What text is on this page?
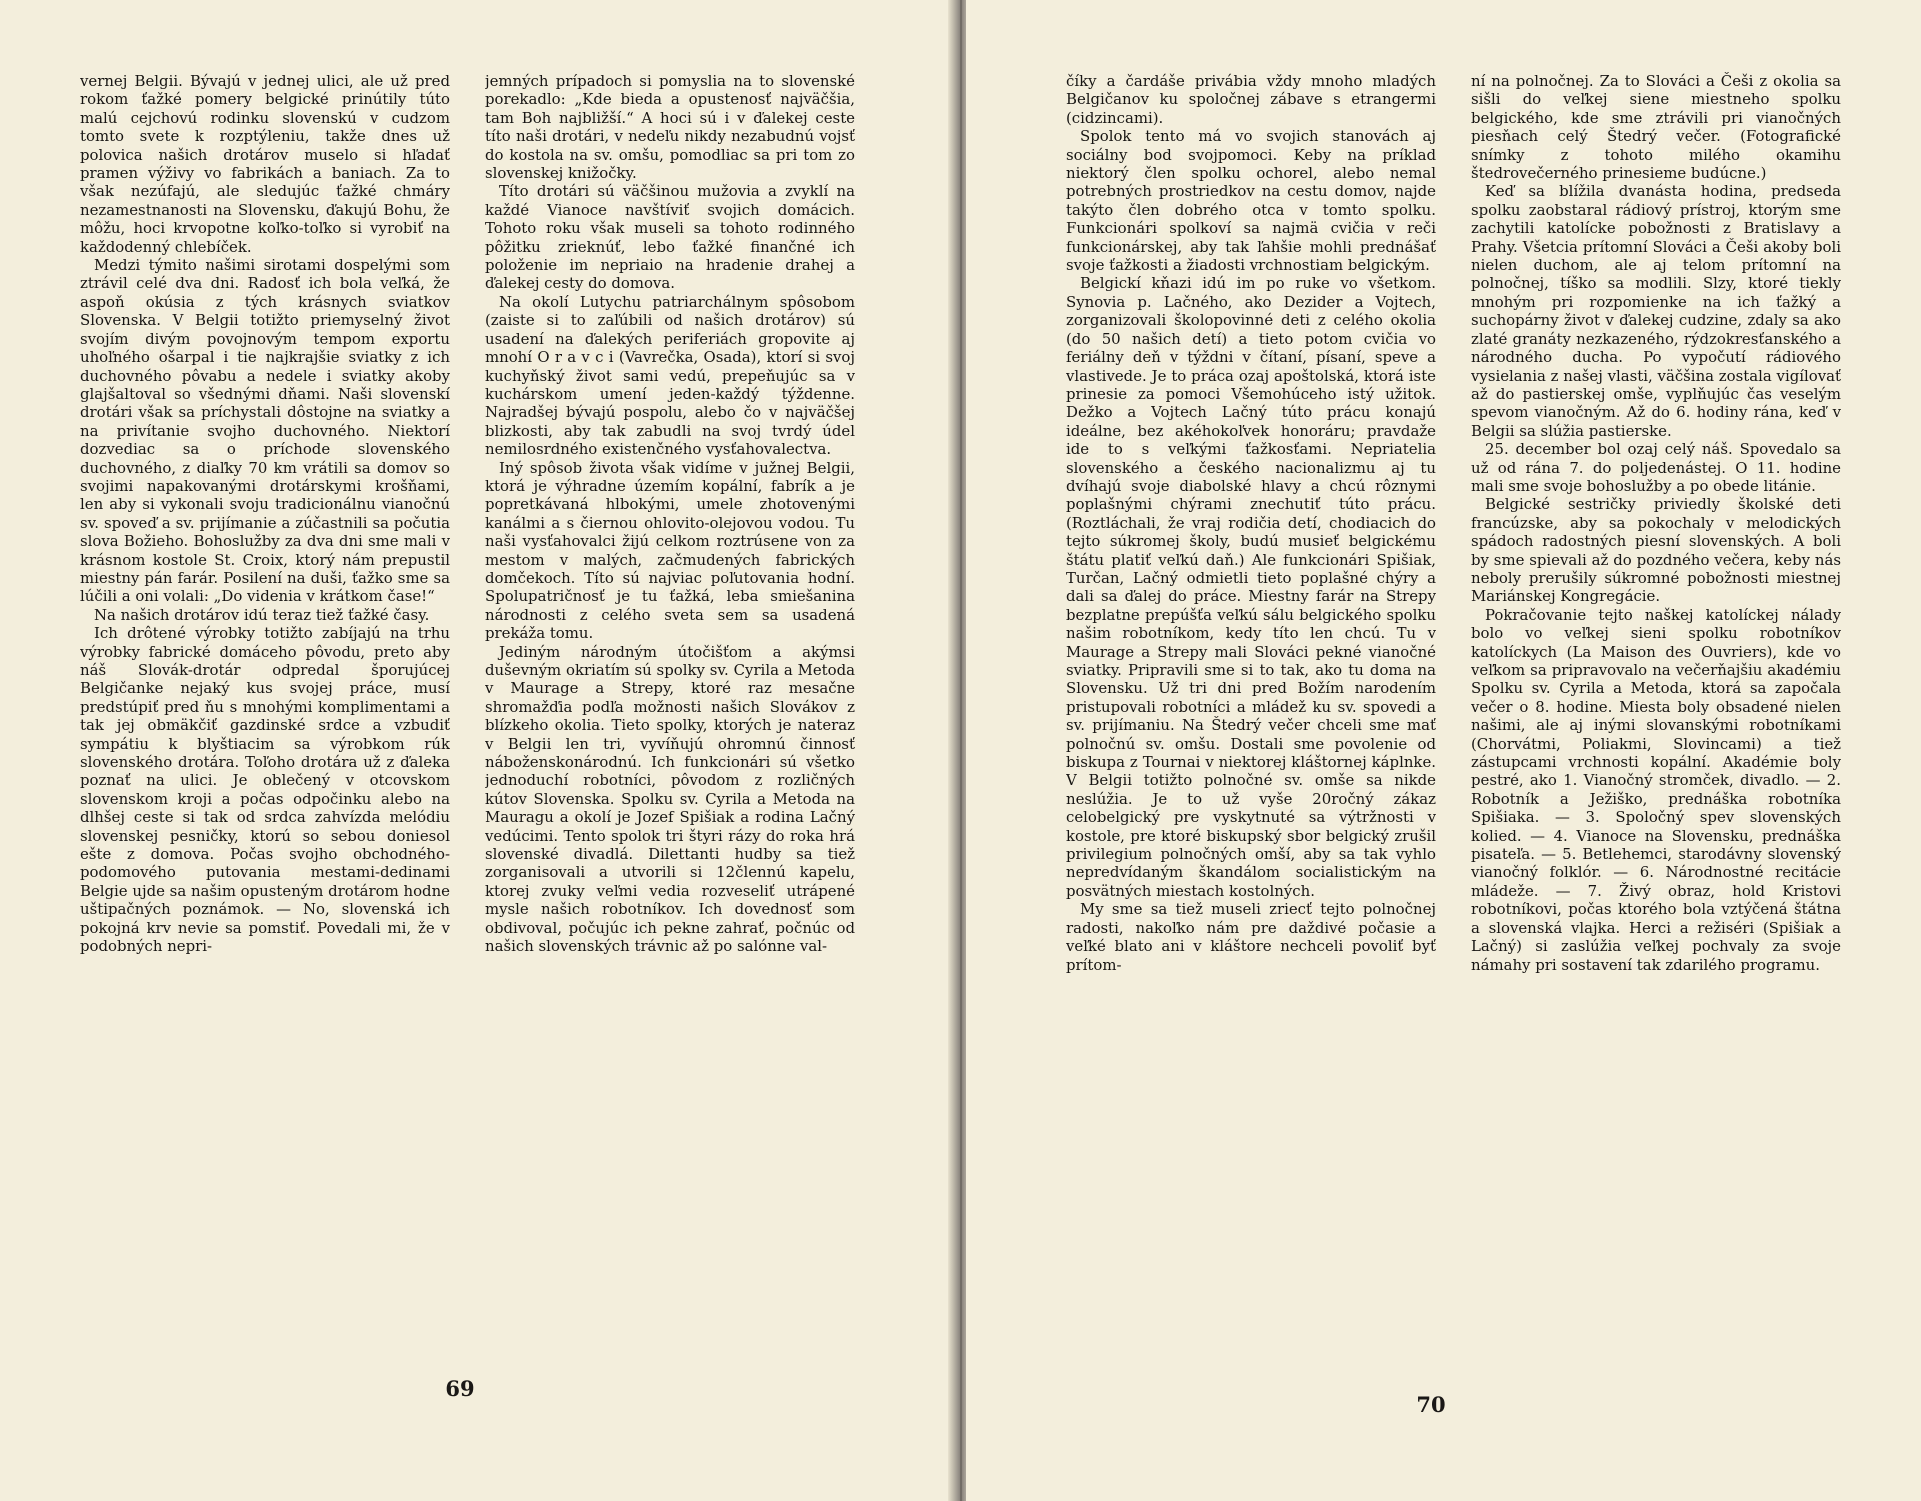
vernej Belgii. Bývajú v jednej ulici, ale už pred rokom ťažké pomery belgické prinútily túto malú cejchovú rodinku slovenskú v cudzom tomto svete k rozptýleniu, takže dnes už polovica našich drotárov muselo si hľadať pramen výživy vo fabrikách a baniach. Za to však nezúfajú, ale sledujúc ťažké chmáry nezamestnanosti na Slovensku, ďakujú Bohu, že môžu, hoci krvopotne koľko-toľko si vyrobiť na každodenný chlebíček.

Medzi týmito našimi sirotami dospelými som ztrávil celé dva dni. Radosť ich bola veľká, že aspoň okúsia z tých krásnych sviatkov Slovenska. V Belgii totižto priemyselný život svojím divým povojnovým tempom exportu uhoľného ošarpal i tie najkrajšie sviatky z ich duchovného pôvabu a nedele i sviatky akoby glajšaltoval so všednými dňami. Naši slovenskí drotári však sa príchystali dôstojne na sviatky a na privítanie svojho duchovného. Niektorí dozvediac sa o príchode slovenského duchovného, z diaľky 70 km vrátili sa domov so svojimi napakovanými drotárskymi krošňami, len aby si vykonali svoju tradicionálnu vianočnú sv. spoveď a sv. prijímanie a zúčastnili sa počutia slova Božieho. Bohoslužby za dva dni sme mali v krásnom kostole St. Croix, ktorý nám prepustil miestny pán farár. Posilení na duši, ťažko sme sa lúčili a oni volali: „Do videnia v krátkom čase!“

Na našich drotárov idú teraz tiež ťažké časy.

Ich drôtené výrobky totižto zabíjajú na trhu výrobky fabrické domáceho pôvodu, preto aby náš Slovák-drotár odpredal šporujúcej Belgičanke nejaký kus svojej práce, musí predstúpiť pred ňu s mnohými komplimentami a tak jej obmäkčiť gazdinské srdce a vzbudiť sympátiu k blyštiacim sa výrobkom rúk slovenského drotára. Toľoho drotára už z ďaleka poznať na ulici. Je oblečený v otcovskom slovenskom kroji a počas odpočinku alebo na dlhšej ceste si tak od srdca zahvízda melódiu slovenskej pesničky, ktorú so sebou doniesol ešte z domova. Počas svojho obchodného-podomového putovania mestami-dedinami Belgie ujde sa našim opusteným drotárom hodne uštipačných poznámok. — No, slovenská ich pokojná krv nevie sa pomstiť. Povedali mi, že v podobných nepri-

jemných prípadoch si pomyslia na to slovenské porekadlo: „Kde bieda a opustenosť najväčšia, tam Boh najbližší.“ A hoci sú i v ďalekej ceste títo naši drotári, v nedeľu nikdy nezabudnú vojsť do kostola na sv. omšu, pomodliac sa pri tom zo slovenskej knižočky.

Títo drotári sú väčšinou mužovia a zvyklí na každé Vianoce navštíviť svojich domácich. Tohoto roku však museli sa tohoto rodinného pôžitku zrieknúť, lebo ťažké finančné ich položenie im nepriaio na hradenie drahej a ďalekej cesty do domova.

Na okolí Lutychu patriarchálnym spôsobom (zaiste si to zaľúbili od našich drotárov) sú usadení na ďalekých periferiách gropovite aj mnohí O r a v c i (Vavrečka, Osada), ktorí si svoj kuchyňský život sami vedú, prepeňujúc sa v kuchárskom umení jeden-každý týždenne. Najradšej bývajú pospolu, alebo čo v najväčšej blizkosti, aby tak zabudli na svoj tvrdý údel nemilosrdného existenčného vysťahovalectva.

Iný spôsob života však vidíme v južnej Belgii, ktorá je výhradne územím kopální, fabrík a je popretkávaná hlbokými, umele zhotovenými kanálmi a s čiernou ohlovito-olejovou vodou. Tu naši vysťahovalci žijú celkom roztrúsene von za mestom v malých, začmudených fabrických domčekoch. Títo sú najviac poľutovania hodní. Spolupatričnosť je tu ťažká, leba smiešanina národnosti z celého sveta sem sa usadená prekáža tomu.

Jediným národným útočišťom a akýmsi duševným okriatím sú spolky sv. Cyrila a Metoda v Maurage a Strepy, ktoré raz mesačne shromažďia podľa možnosti našich Slovákov z blízkeho okolia. Tieto spolky, ktorých je nateraz v Belgii len tri, vyvíňujú ohromnú činnosť náboženskonárodnú. Ich funkcionári sú všetko jednoduchí robotníci, pôvodom z rozličných kútov Slovenska. Spolku sv. Cyrila a Metoda na Mauragu a okolí je Jozef Spišiak a rodina Lačný vedúcimi. Tento spolok tri štyri rázy do roka hrá slovenské divadlá. Dilettanti hudby sa tiež zorganisovali a utvorili si 12člennú kapelu, ktorej zvuky veľmi vedia rozveseliť utrápené mysle našich robotníkov. Ich dovednosť som obdivoval, počujúc ich pekne zahrať, počnúc od našich slovenských trávnic až po salónne val-

69

číky a čardáše privábia vždy mnoho mladých Belgičanov ku spoločnej zábave s etrangermi (cidzincami).

Spolok tento má vo svojich stanovách aj sociálny bod svojpomoci. Keby na príklad niektorý člen spolku ochorel, alebo nemal potrebných prostriedkov na cestu domov, najde takýto člen dobrého otca v tomto spolku. Funkcionári spolkoví sa najmä cvičia v reči funkcionárskej, aby tak ľahšie mohli prednášať svoje ťažkosti a žiadosti vrchnostiam belgickým.

Belgickí kňazi idú im po ruke vo všetkom. Synovia p. Lačného, ako Dezider a Vojtech, zorganizovali školopovinné deti z celého okolia (do 50 našich detí) a tieto potom cvičia vo feriálny deň v týždni v čítaní, písaní, speve a vlastivede. Je to práca ozaj apoštolská, ktorá iste prinesie za pomoci Všemohúceho istý užitok. Dežko a Vojtech Lačný túto prácu konajú ideálne, bez akéhokoľvek honoráru; pravdaže ide to s veľkými ťažkosťami. Nepriatelia slovenského a českého nacionalizmu aj tu dvíhajú svoje diabolské hlavy a chcú rôznymi poplašnými chýrami znechutiť túto prácu. (Roztláchali, že vraj rodičia detí, chodiacich do tejto súkromej školy, budú musieť belgickému štátu platiť veľkú daň.) Ale funkcionári Spišiak, Turčan, Lačný odmietli tieto poplašné chýry a dali sa ďalej do práce. Miestny farár na Strepy bezplatne prepúšťa veľkú sálu belgického spolku našim robotníkom, kedy títo len chcú. Tu v Maurage a Strepy mali Slováci pekné vianočné sviatky. Pripravili sme si to tak, ako tu doma na Slovensku. Už tri dni pred Božím narodením pristupovali robotníci a mládež ku sv. spovedi a sv. prijímaniu. Na Štedrý večer chceli sme mať polnočnú sv. omšu. Dostali sme povolenie od biskupa z Tournai v niektorej kláštornej káplnke. V Belgii totižto polnočné sv. omše sa nikde neslúžia. Je to už vyše 20ročný zákaz celobelgický pre vyskytnuté sa výtržnosti v kostole, pre ktoré biskupský sbor belgický zrušil privilegium polnočných omší, aby sa tak vyhlo nepredvídaným škandálom socialistickým na posvätných miestach kostolných.

My sme sa tiež museli zriecť tejto polnočnej radosti, nakoľko nám pre daždivé počasie a veľké blato ani v kláštore nechceli povoliť byť prítom-

ní na polnočnej. Za to Slováci a Češi z okolia sa sišli do veľkej siene miestneho spolku belgického, kde sme ztrávili pri vianočných piesňach celý Štedrý večer. (Fotografické snímky z tohoto milého okamihu štedrovečerného prinesieme budúcne.)

Keď sa blížila dvanásta hodina, predseda spolku zaobstaral rádiový prístroj, ktorým sme zachytili katolícke pobožnosti z Bratislavy a Prahy. Všetcia prítomní Slováci a Češi akoby boli nielen duchom, ale aj telom prítomní na polnočnej, tíško sa modlili. Slzy, ktoré tiekly mnohým pri rozpomienke na ich ťažký a suchopárny život v ďalekej cudzine, zdaly sa ako zlaté granáty nezkazeného, rýdzokresťanského a národného ducha. Po vypočutí rádiového vysielania z našej vlasti, väčšina zostala vigílovať až do pastierskej omše, vyplňujúc čas veselým spevom vianočným. Až do 6. hodiny rána, keď v Belgii sa slúžia pastierske.

25. december bol ozaj celý náš. Spovedalo sa už od rána 7. do poljedenástej. O 11. hodine mali sme svoje bohoslužby a po obede litánie.

Belgické sestričky priviedly školské deti francúzske, aby sa pokochaly v melodických spádoch radostných piesní slovenských. A boli by sme spievali až do pozdného večera, keby nás neboly prerušily súkromné pobožnosti miestnej Mariánskej Kongregácie.

Pokračovanie tejto naškej katolíckej nálady bolo vo veľkej sieni spolku robotníkov katolíckych (La Maison des Ouvriers), kde vo veľkom sa pripravovalo na večerňajšiu akadémiu Spolku sv. Cyrila a Metoda, ktorá sa započala večer o 8. hodine. Miesta boly obsadené nielen našimi, ale aj inými slovanskými robotníkami (Chorvátmi, Poliakmi, Slovincami) a tiež zástupcami vrchnosti kopální. Akadémie boly pestré, ako 1. Vianočný stromček, divadlo. — 2. Robotník a Ježiško, prednáška robotníka Spišiaka. — 3. Spoločný spev slovenských kolied. — 4. Vianoce na Slovensku, prednáška pisateľa. — 5. Betlehemci, starodávny slovenský vianočný folklór. — 6. Národnostné recitácie mládeže. — 7. Živý obraz, hold Kristovi robotníkovi, počas ktorého bola vztýčená štátna a slovenská vlajka. Herci a režiséri (Spišiak a Lačný) si zaslúžia veľkej pochvaly za svoje námahy pri sostavení tak zdarilého programu.

70
